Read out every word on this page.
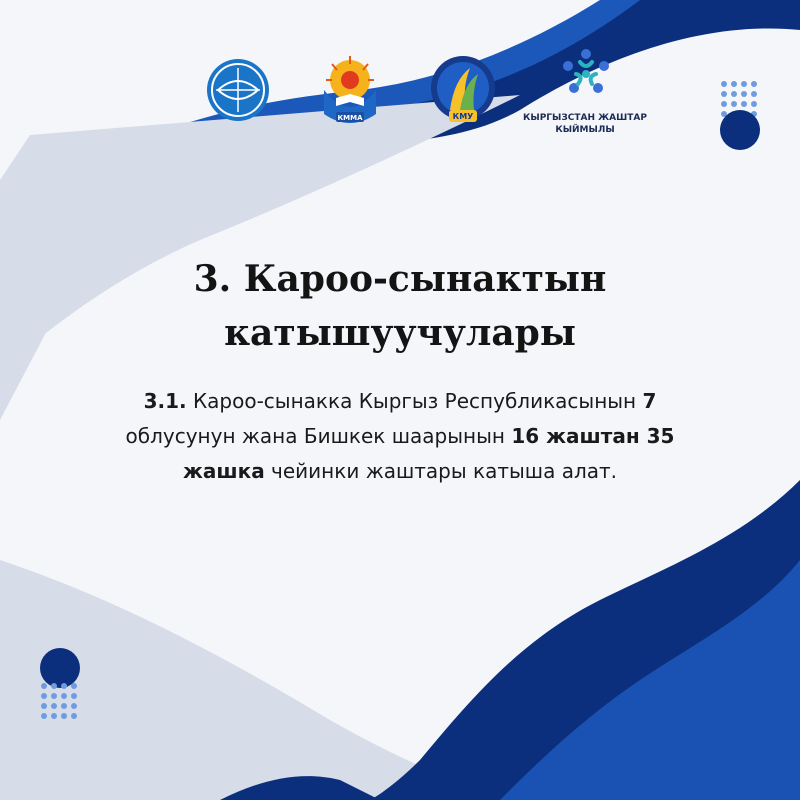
КММА	КМУ	КЫРГЫЗСТАН ЖАШТАР
КЫЙМЫЛЫ
3. Кароо-сынактын
катышуучулары

3.1. Кароо-сынакка Кыргыз Республикасынын 7 облусунун жана Бишкек шаарынын 16 жаштан 35 жашка чейинки жаштары катыша алат.
